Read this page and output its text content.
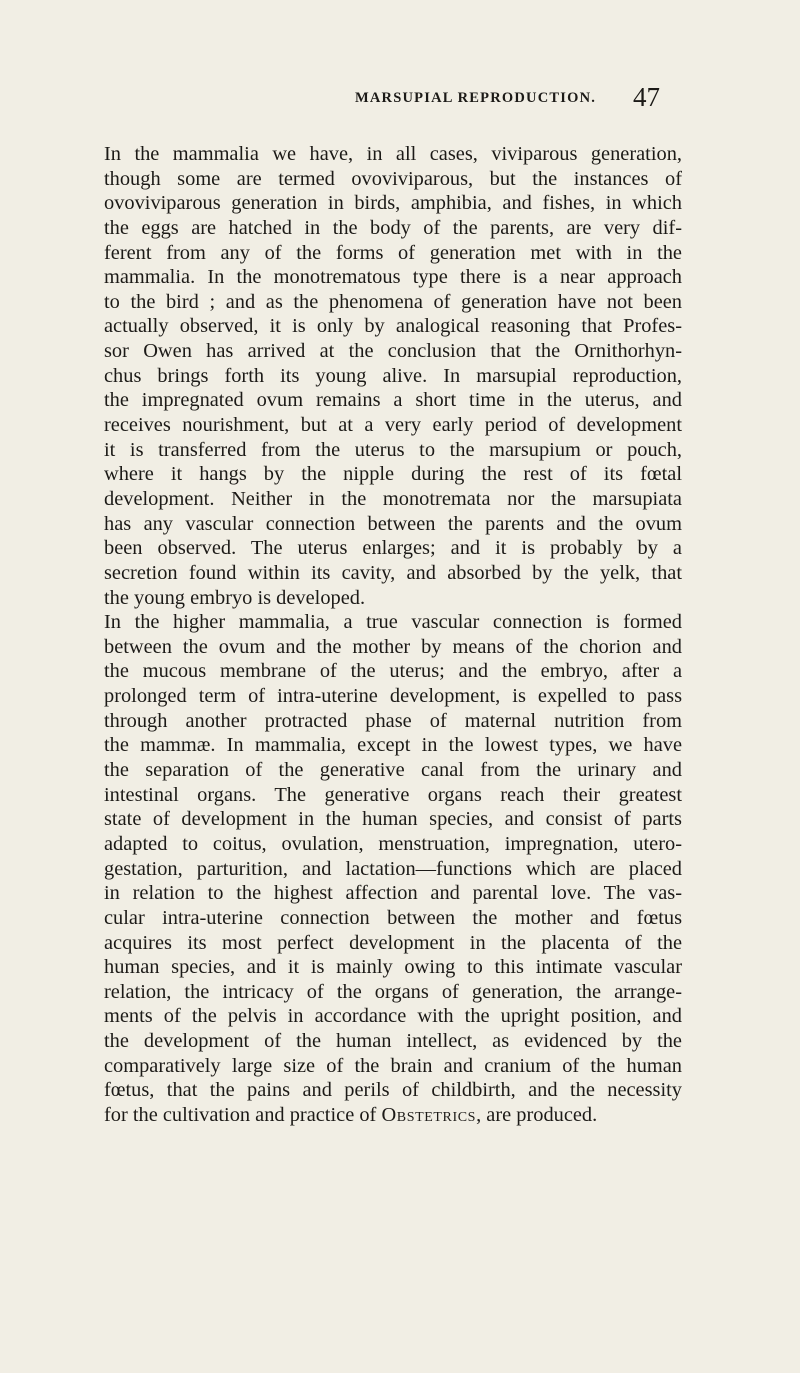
MARSUPIAL REPRODUCTION. 47
In the mammalia we have, in all cases, viviparous generation,
though some are termed ovoviviparous, but the instances of
ovoviviparous generation in birds, amphibia, and fishes, in which
the eggs are hatched in the body of the parents, are very dif-
ferent from any of the forms of generation met with in the
mammalia. In the monotrematous type there is a near approach
to the bird ; and as the phenomena of generation have not been
actually observed, it is only by analogical reasoning that Profes-
sor Owen has arrived at the conclusion that the Ornithorhyn-
chus brings forth its young alive. In marsupial reproduction,
the impregnated ovum remains a short time in the uterus, and
receives nourishment, but at a very early period of development
it is transferred from the uterus to the marsupium or pouch,
where it hangs by the nipple during the rest of its fœtal
development. Neither in the monotremata nor the marsupiata
has any vascular connection between the parents and the ovum
been observed. The uterus enlarges; and it is probably by a
secretion found within its cavity, and absorbed by the yelk, that
the young embryo is developed.
In the higher mammalia, a true vascular connection is formed
between the ovum and the mother by means of the chorion and
the mucous membrane of the uterus; and the embryo, after a
prolonged term of intra-uterine development, is expelled to pass
through another protracted phase of maternal nutrition from
the mammæ. In mammalia, except in the lowest types, we have
the separation of the generative canal from the urinary and
intestinal organs. The generative organs reach their greatest
state of development in the human species, and consist of parts
adapted to coitus, ovulation, menstruation, impregnation, utero-
gestation, parturition, and lactation—functions which are placed
in relation to the highest affection and parental love. The vas-
cular intra-uterine connection between the mother and fœtus
acquires its most perfect development in the placenta of the
human species, and it is mainly owing to this intimate vascular
relation, the intricacy of the organs of generation, the arrange-
ments of the pelvis in accordance with the upright position, and
the development of the human intellect, as evidenced by the
comparatively large size of the brain and cranium of the human
fœtus, that the pains and perils of childbirth, and the necessity
for the cultivation and practice of Obstetrics, are produced.
